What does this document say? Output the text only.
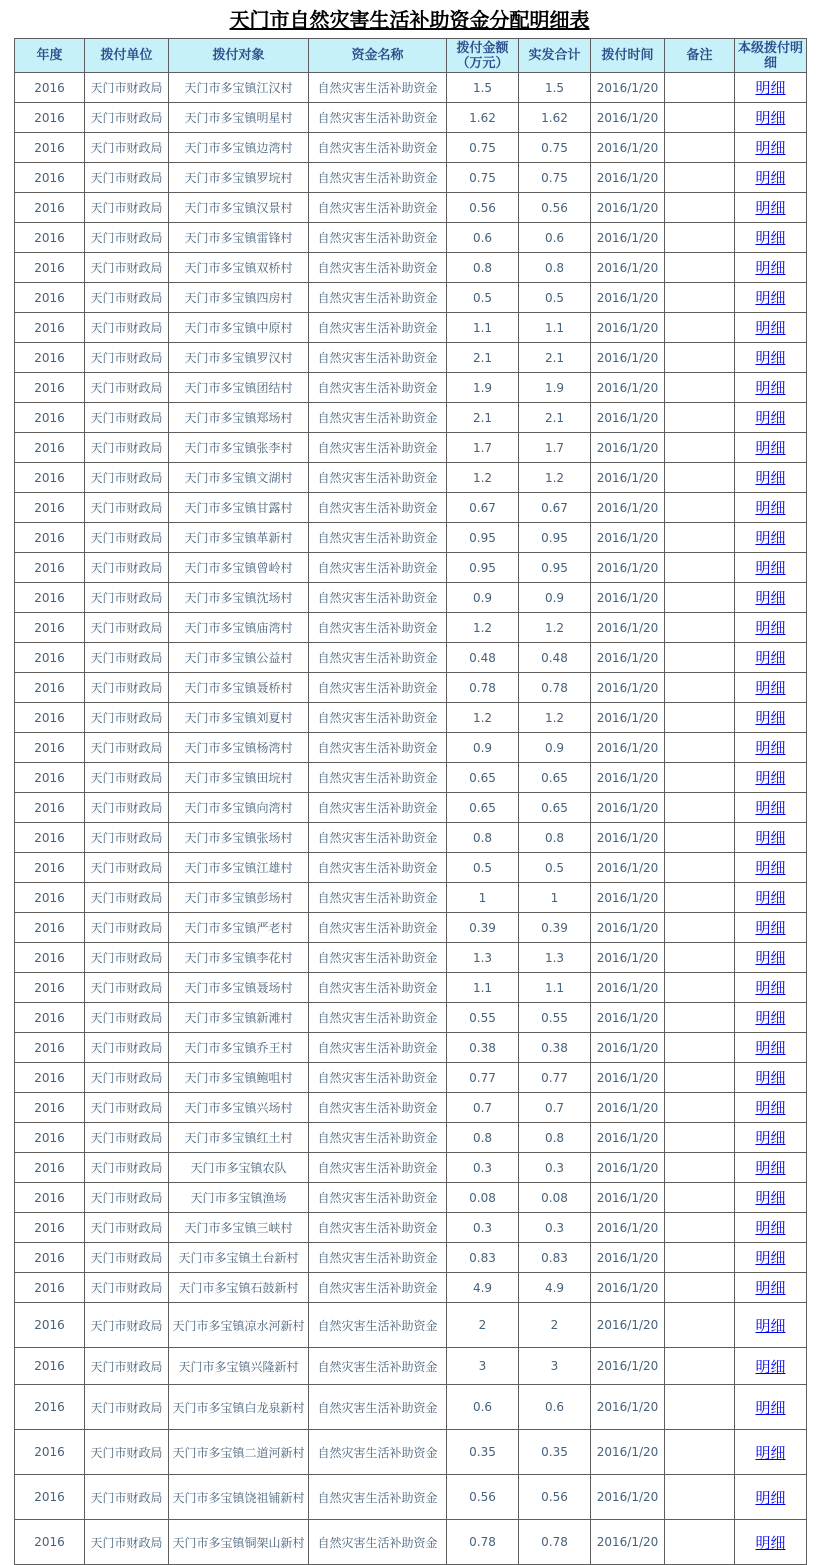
天门市自然灾害生活补助资金分配明细表
年度	拨付单位	拨付对象	资金名称	拨付金额（万元）	实发合计	拨付时间	备注	本级拨付明细
2016	天门市财政局	天门市多宝镇江汉村	自然灾害生活补助资金	1.5	1.5	2016/1/20		明细
2016	天门市财政局	天门市多宝镇明星村	自然灾害生活补助资金	1.62	1.62	2016/1/20		明细
2016	天门市财政局	天门市多宝镇边湾村	自然灾害生活补助资金	0.75	0.75	2016/1/20		明细
2016	天门市财政局	天门市多宝镇罗垸村	自然灾害生活补助资金	0.75	0.75	2016/1/20		明细
2016	天门市财政局	天门市多宝镇汉景村	自然灾害生活补助资金	0.56	0.56	2016/1/20		明细
2016	天门市财政局	天门市多宝镇雷锋村	自然灾害生活补助资金	0.6	0.6	2016/1/20		明细
2016	天门市财政局	天门市多宝镇双桥村	自然灾害生活补助资金	0.8	0.8	2016/1/20		明细
2016	天门市财政局	天门市多宝镇四房村	自然灾害生活补助资金	0.5	0.5	2016/1/20		明细
2016	天门市财政局	天门市多宝镇中原村	自然灾害生活补助资金	1.1	1.1	2016/1/20		明细
2016	天门市财政局	天门市多宝镇罗汉村	自然灾害生活补助资金	2.1	2.1	2016/1/20		明细
2016	天门市财政局	天门市多宝镇团结村	自然灾害生活补助资金	1.9	1.9	2016/1/20		明细
2016	天门市财政局	天门市多宝镇郑场村	自然灾害生活补助资金	2.1	2.1	2016/1/20		明细
2016	天门市财政局	天门市多宝镇张李村	自然灾害生活补助资金	1.7	1.7	2016/1/20		明细
2016	天门市财政局	天门市多宝镇文湖村	自然灾害生活补助资金	1.2	1.2	2016/1/20		明细
2016	天门市财政局	天门市多宝镇甘露村	自然灾害生活补助资金	0.67	0.67	2016/1/20		明细
2016	天门市财政局	天门市多宝镇革新村	自然灾害生活补助资金	0.95	0.95	2016/1/20		明细
2016	天门市财政局	天门市多宝镇曾岭村	自然灾害生活补助资金	0.95	0.95	2016/1/20		明细
2016	天门市财政局	天门市多宝镇沈场村	自然灾害生活补助资金	0.9	0.9	2016/1/20		明细
2016	天门市财政局	天门市多宝镇庙湾村	自然灾害生活补助资金	1.2	1.2	2016/1/20		明细
2016	天门市财政局	天门市多宝镇公益村	自然灾害生活补助资金	0.48	0.48	2016/1/20		明细
2016	天门市财政局	天门市多宝镇聂桥村	自然灾害生活补助资金	0.78	0.78	2016/1/20		明细
2016	天门市财政局	天门市多宝镇刘夏村	自然灾害生活补助资金	1.2	1.2	2016/1/20		明细
2016	天门市财政局	天门市多宝镇杨湾村	自然灾害生活补助资金	0.9	0.9	2016/1/20		明细
2016	天门市财政局	天门市多宝镇田垸村	自然灾害生活补助资金	0.65	0.65	2016/1/20		明细
2016	天门市财政局	天门市多宝镇向湾村	自然灾害生活补助资金	0.65	0.65	2016/1/20		明细
2016	天门市财政局	天门市多宝镇张场村	自然灾害生活补助资金	0.8	0.8	2016/1/20		明细
2016	天门市财政局	天门市多宝镇江雄村	自然灾害生活补助资金	0.5	0.5	2016/1/20		明细
2016	天门市财政局	天门市多宝镇彭场村	自然灾害生活补助资金	1	1	2016/1/20		明细
2016	天门市财政局	天门市多宝镇严老村	自然灾害生活补助资金	0.39	0.39	2016/1/20		明细
2016	天门市财政局	天门市多宝镇李花村	自然灾害生活补助资金	1.3	1.3	2016/1/20		明细
2016	天门市财政局	天门市多宝镇聂场村	自然灾害生活补助资金	1.1	1.1	2016/1/20		明细
2016	天门市财政局	天门市多宝镇新滩村	自然灾害生活补助资金	0.55	0.55	2016/1/20		明细
2016	天门市财政局	天门市多宝镇乔王村	自然灾害生活补助资金	0.38	0.38	2016/1/20		明细
2016	天门市财政局	天门市多宝镇鲍咀村	自然灾害生活补助资金	0.77	0.77	2016/1/20		明细
2016	天门市财政局	天门市多宝镇兴场村	自然灾害生活补助资金	0.7	0.7	2016/1/20		明细
2016	天门市财政局	天门市多宝镇红土村	自然灾害生活补助资金	0.8	0.8	2016/1/20		明细
2016	天门市财政局	天门市多宝镇农队	自然灾害生活补助资金	0.3	0.3	2016/1/20		明细
2016	天门市财政局	天门市多宝镇渔场	自然灾害生活补助资金	0.08	0.08	2016/1/20		明细
2016	天门市财政局	天门市多宝镇三峡村	自然灾害生活补助资金	0.3	0.3	2016/1/20		明细
2016	天门市财政局	天门市多宝镇土台新村	自然灾害生活补助资金	0.83	0.83	2016/1/20		明细
2016	天门市财政局	天门市多宝镇石鼓新村	自然灾害生活补助资金	4.9	4.9	2016/1/20		明细
2016	天门市财政局	天门市多宝镇凉水河新村	自然灾害生活补助资金	2	2	2016/1/20		明细
2016	天门市财政局	天门市多宝镇兴隆新村	自然灾害生活补助资金	3	3	2016/1/20		明细
2016	天门市财政局	天门市多宝镇白龙泉新村	自然灾害生活补助资金	0.6	0.6	2016/1/20		明细
2016	天门市财政局	天门市多宝镇二道河新村	自然灾害生活补助资金	0.35	0.35	2016/1/20		明细
2016	天门市财政局	天门市多宝镇饶祖铺新村	自然灾害生活补助资金	0.56	0.56	2016/1/20		明细
2016	天门市财政局	天门市多宝镇铜架山新村	自然灾害生活补助资金	0.78	0.78	2016/1/20		明细
